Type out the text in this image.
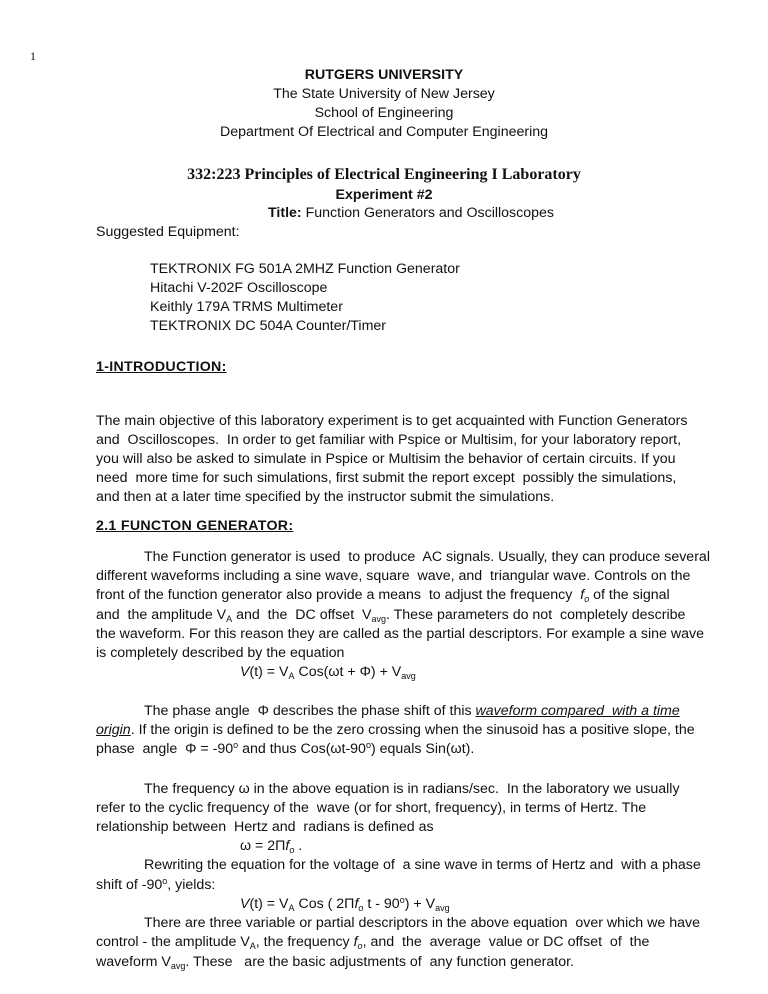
1
RUTGERS UNIVERSITY
The State University of New Jersey
School of Engineering
Department Of Electrical and Computer Engineering
332:223 Principles of Electrical Engineering I Laboratory
Experiment #2
Title: Function Generators and Oscilloscopes
Suggested Equipment:
TEKTRONIX FG 501A 2MHZ Function Generator
Hitachi V-202F Oscilloscope
Keithly 179A TRMS Multimeter
TEKTRONIX DC 504A Counter/Timer
1-INTRODUCTION:
The main objective of this laboratory experiment is to get acquainted with Function Generators
and  Oscilloscopes.  In order to get familiar with Pspice or Multisim, for your laboratory report,
you will also be asked to simulate in Pspice or Multisim the behavior of certain circuits. If you
need  more time for such simulations, first submit the report except  possibly the simulations,
and then at a later time specified by the instructor submit the simulations.
2.1 FUNCTON GENERATOR:
The Function generator is used  to produce  AC signals. Usually, they can produce several
different waveforms including a sine wave, square  wave, and  triangular wave. Controls on the
front of the function generator also provide a means  to adjust the frequency  $f_o$ of the signal
and  the amplitude $V_A$ and  the  DC offset  $V_{avg}$. These parameters do not  completely describe
the waveform. For this reason they are called as the partial descriptors. For example a sine wave
is completely described by the equation
$V(t) = V_A$ $Cos(\omega t + \Phi) + V_{avg}$
The phase angle  Φ describes the phase shift of this waveform compared  with a time
origin. If the origin is defined to be the zero crossing when the sinusoid has a positive slope, the
phase  angle  $\Phi = -90^o$ and thus Cos(ωt-90$^o$) equals Sin(ωt).
The frequency ω in the above equation is in radians/sec.  In the laboratory we usually
refer to the cyclic frequency of the  wave (or for short, frequency), in terms of Hertz. The
relationship between  Hertz and  radians is defined as
$\omega = 2\Pi f_o$ .
Rewriting the equation for the voltage of  a sine wave in terms of Hertz and  with a phase
shift of -90$^o$, yields:
$V(t) = V_A$ Cos ( $2\Pi f_o$ $t - 90^o) + V_{avg}$
There are three variable or partial descriptors in the above equation  over which we have
control - the amplitude $V_A$, the frequency $f_o$, and  the  average  value or DC offset  of  the
waveform $V_{avg}$. These   are the basic adjustments of  any function generator.
